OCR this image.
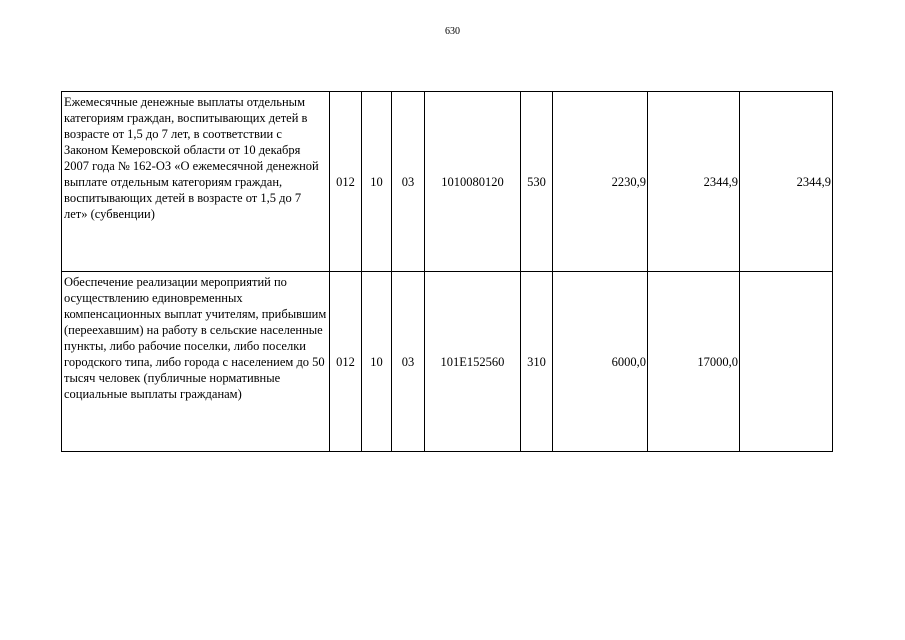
630
Ежемесячные денежные выплаты отдельным категориям граждан, воспитывающих детей в возрасте от 1,5 до 7 лет, в соответствии с Законом Кемеровской области от 10 декабря 2007 года № 162-ОЗ «О ежемесячной денежной выплате отдельным категориям граждан, воспитывающих детей в возрасте от 1,5 до 7 лет» (субвенции)	012	10	03	1010080120	530	2230,9	2344,9	2344,9
Обеспечение реализации мероприятий по осуществлению единовременных компенсационных выплат учителям, прибывшим (переехавшим) на работу в сельские населенные пункты, либо рабочие поселки, либо поселки городского типа, либо города с населением до 50 тысяч человек (публичные нормативные социальные выплаты гражданам)	012	10	03	101E152560	310	6000,0	17000,0	
